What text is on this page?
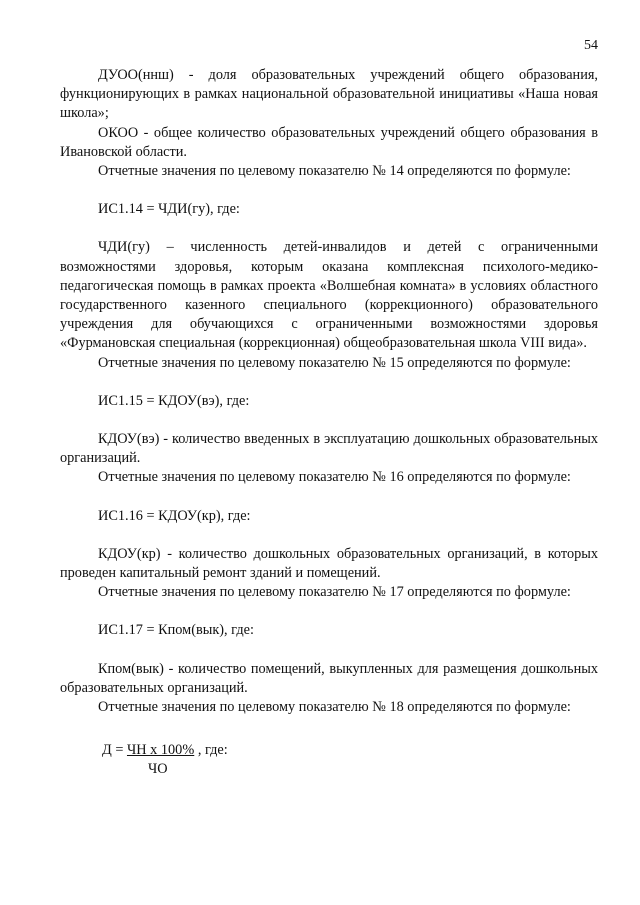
54

ДУОО(ннш) - доля образовательных учреждений общего образования, функционирующих в рамках национальной образовательной инициативы «Наша новая школа»;

ОКОО - общее количество образовательных учреждений общего образования в Ивановской области.

Отчетные значения по целевому показателю № 14 определяются по формуле:

ИС1.14 = ЧДИ(гу), где:

ЧДИ(гу) – численность детей-инвалидов и детей с ограниченными возможностями здоровья, которым оказана комплексная психолого-медико-педагогическая помощь в рамках проекта «Волшебная комната» в условиях областного государственного казенного специального (коррекционного) образовательного учреждения для обучающихся с ограниченными возможностями здоровья «Фурмановская специальная (коррекционная) общеобразовательная школа VIII вида».

Отчетные значения по целевому показателю № 15 определяются по формуле:

ИС1.15 = КДОУ(вэ), где:

КДОУ(вэ) - количество введенных в эксплуатацию дошкольных образовательных организаций.

Отчетные значения по целевому показателю № 16 определяются по формуле:

ИС1.16 = КДОУ(кр), где:

КДОУ(кр) - количество дошкольных образовательных организаций, в которых проведен капитальный ремонт зданий и помещений.

Отчетные значения по целевому показателю № 17 определяются по формуле:

ИС1.17 = Кпом(вык), где:

Кпом(вык) - количество помещений, выкупленных для размещения дошкольных образовательных организаций.

Отчетные значения по целевому показателю № 18 определяются по формуле:

Д = ЧН х 100% , где:
ЧО
